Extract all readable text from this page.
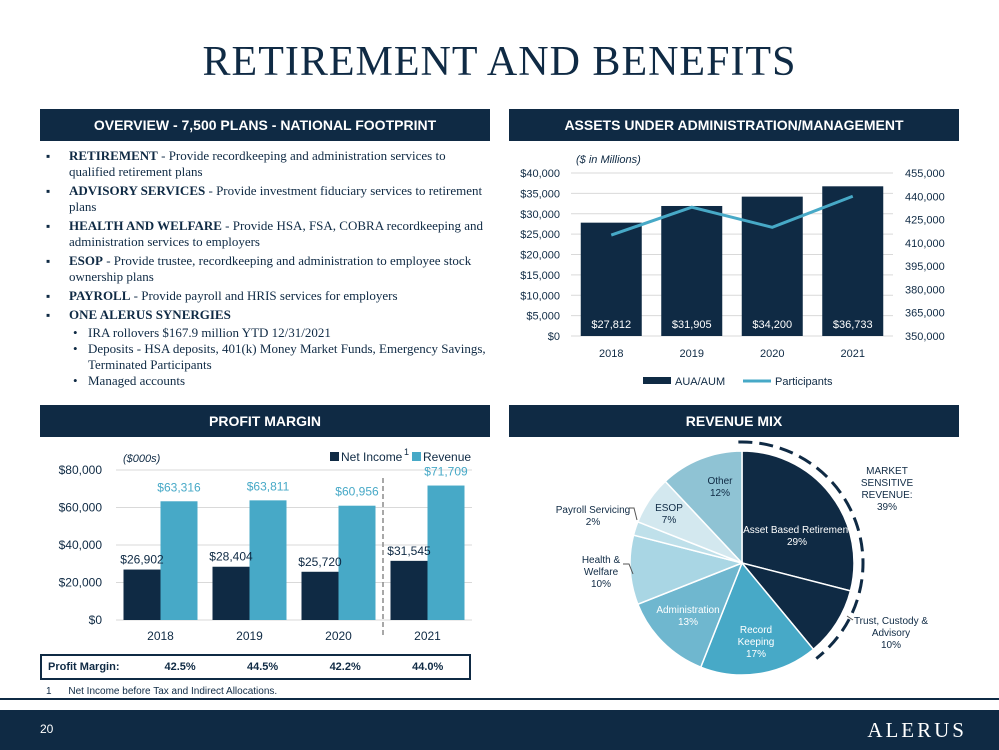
RETIREMENT AND BENEFITS
OVERVIEW - 7,500 PLANS - NATIONAL FOOTPRINT
▪ RETIREMENT - Provide recordkeeping and administration services to qualified retirement plans
▪ ADVISORY SERVICES - Provide investment fiduciary services to retirement plans
▪ HEALTH AND WELFARE - Provide HSA, FSA, COBRA recordkeeping and administration services to employers
▪ ESOP - Provide trustee, recordkeeping and administration to employee stock ownership plans
▪ PAYROLL - Provide payroll and HRIS services for employers
▪ ONE ALERUS SYNERGIES
• IRA rollovers $167.9 million YTD 12/31/2021
• Deposits - HSA deposits, 401(k) Money Market Funds, Emergency Savings, Terminated Participants
• Managed accounts
ASSETS UNDER ADMINISTRATION/MANAGEMENT
($ in Millions)
$0
$5,000
$10,000
$15,000
$20,000
$25,000
$30,000
$35,000
$40,000
350,000
365,000
380,000
395,000
410,000
425,000
440,000
455,000
$27,812
2018
$31,905
2019
$34,200
2020
$36,733
2021
AUA/AUM	Participants
PROFIT MARGIN
($000s)
$0
$20,000
$40,000
$60,000
$80,000
$26,902
$63,316
2018
$28,404
$63,811
2019
$25,720
$60,956
2020
$31,545
$71,709
2021
Net Income 1 Revenue
Profit Margin:	42.5%	44.5%	42.2%	44.0%
1 Net Income before Tax and Indirect Allocations.
REVENUE MIX
Asset Based Retirement
29%
Record
Keeping
17%
Administration
13%
ESOP
7%
Other
12%
Health &
Welfare
10%
Payroll Servicing
2%
Trust, Custody &
Advisory
10%
MARKET
SENSITIVE
REVENUE:
39%
20	ALERUS
